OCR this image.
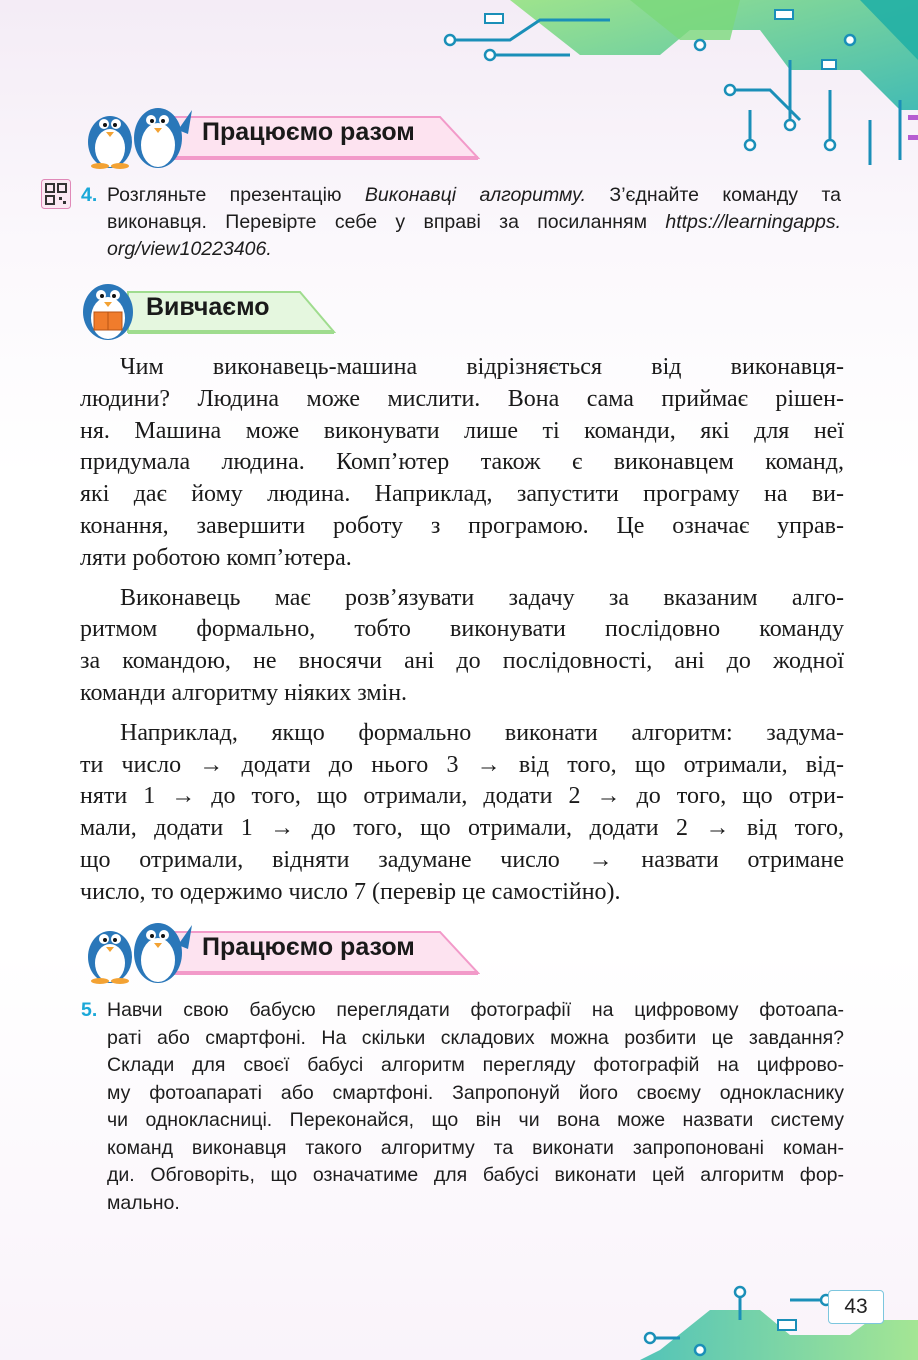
Працюємо разом
4. Розгляньте презентацію Виконавці алгоритму. З’єднайте команду та
виконавця. Перевірте себе у вправі за посиланням https://learningapps.
org/view10223406.
Вивчаємо
Чим виконавець-машина відрізняється від виконавця-
людини? Людина може мислити. Вона сама приймає рішен-
ня. Машина може виконувати лише ті команди, які для неї
придумала людина. Комп’ютер також є виконавцем команд,
які дає йому людина. Наприклад, запустити програму на ви-
конання, завершити роботу з програмою. Це означає управ-
ляти роботою комп’ютера.
Виконавець має розв’язувати задачу за вказаним алго-
ритмом формально, тобто виконувати послідовно команду
за командою, не вносячи ані до послідовності, ані до жодної
команди алгоритму ніяких змін.
Наприклад, якщо формально виконати алгоритм: задума-
ти число → додати до нього 3 → від того, що отримали, від-
няти 1 → до того, що отримали, додати 2 → до того, що отри-
мали, додати 1 → до того, що отримали, додати 2 → від того,
що отримали, відняти задумане число → назвати отримане
число, то одержимо число 7 (перевір це самостійно).
Працюємо разом
5. Навчи свою бабусю переглядати фотографії на цифровому фотоапа-
раті або смартфоні. На скільки складових можна розбити це завдання?
Склади для своєї бабусі алгоритм перегляду фотографій на цифрово-
му фотоапараті або смартфоні. Запропонуй його своєму однокласнику
чи однокласниці. Переконайся, що він чи вона може назвати систему
команд виконавця такого алгоритму та виконати запропоновані коман-
ди. Обговоріть, що означатиме для бабусі виконати цей алгоритм фор-
мально.
43
